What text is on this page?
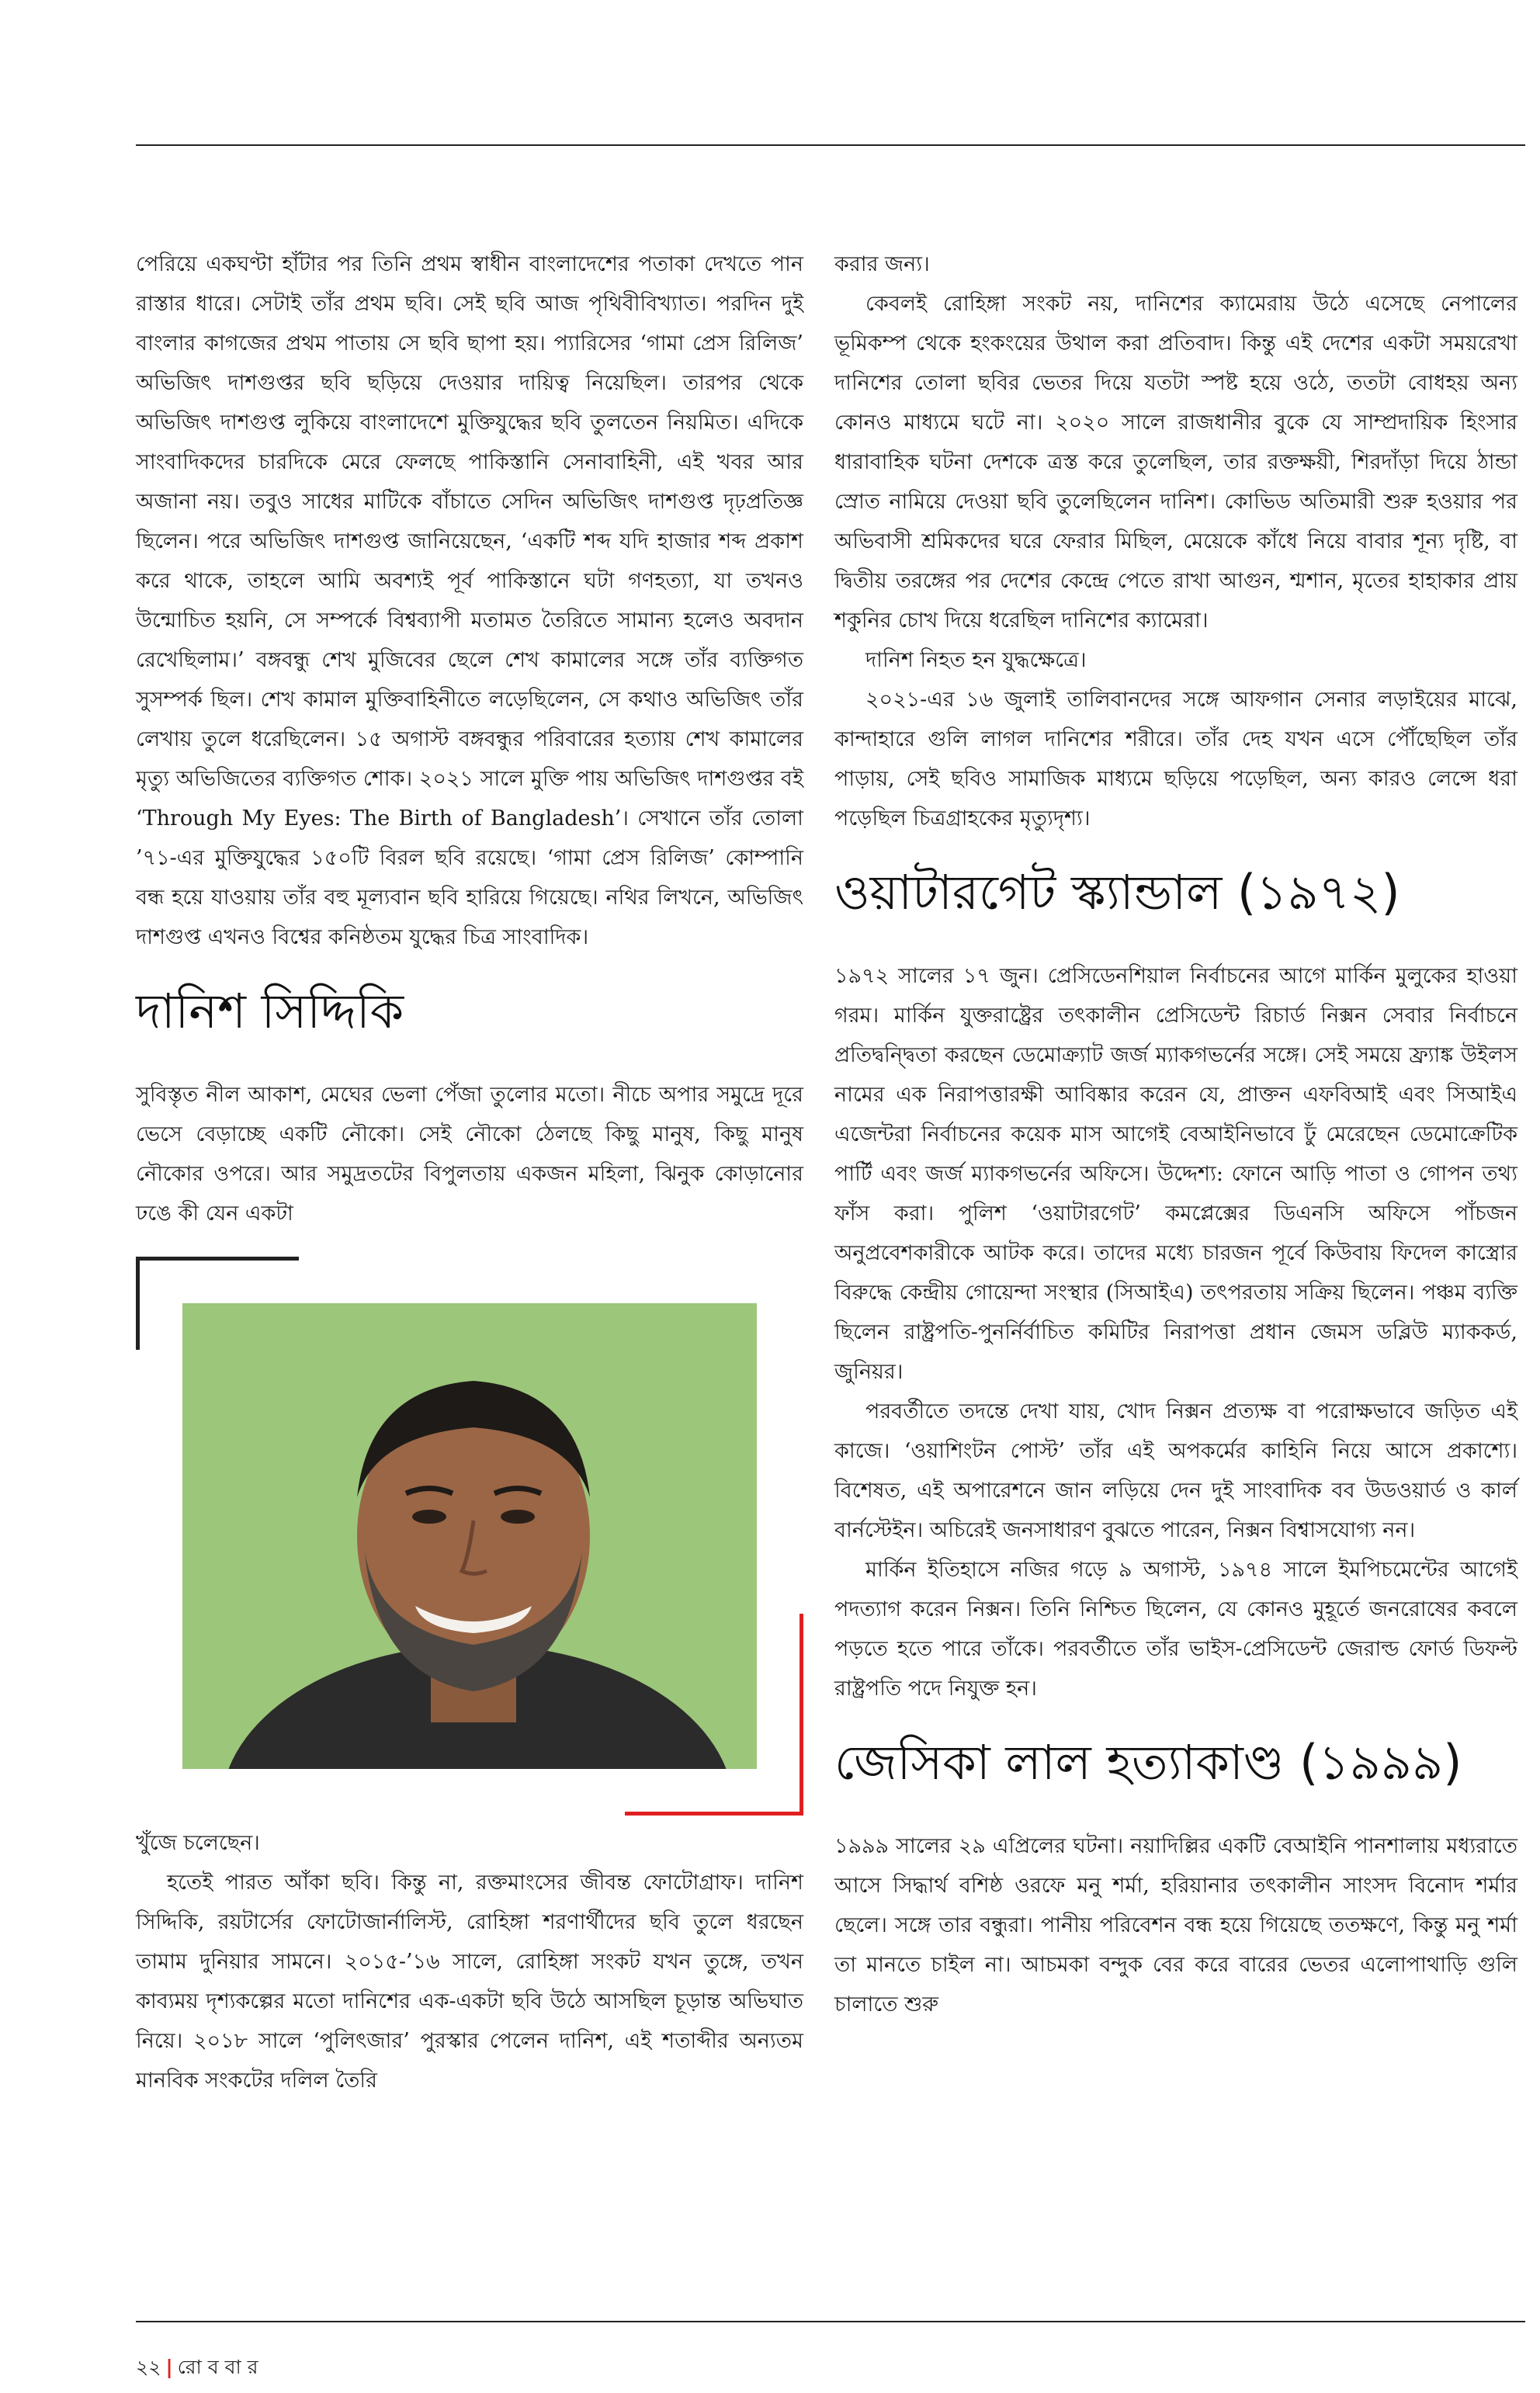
পেরিয়ে একঘণ্টা হাঁটার পর তিনি প্রথম স্বাধীন বাংলাদেশের পতাকা দেখতে পান রাস্তার ধারে। সেটাই তাঁর প্রথম ছবি। সেই ছবি আজ পৃথিবীবিখ্যাত। পরদিন দুই বাংলার কাগজের প্রথম পাতায় সে ছবি ছাপা হয়। প্যারিসের ‘গামা প্রেস রিলিজ’ অভিজিৎ দাশগুপ্তর ছবি ছড়িয়ে দেওয়ার দায়িত্ব নিয়েছিল। তারপর থেকে অভিজিৎ দাশগুপ্ত লুকিয়ে বাংলাদেশে মুক্তিযুদ্ধের ছবি তুলতেন নিয়মিত। এদিকে সাংবাদিকদের চারদিকে মেরে ফেলছে পাকিস্তানি সেনাবাহিনী, এই খবর আর অজানা নয়। তবুও সাধের মাটিকে বাঁচাতে সেদিন অভিজিৎ দাশগুপ্ত দৃঢ়প্রতিজ্ঞ ছিলেন। পরে অভিজিৎ দাশগুপ্ত জানিয়েছেন, ‘একটি শব্দ যদি হাজার শব্দ প্রকাশ করে থাকে, তাহলে আমি অবশ্যই পূর্ব পাকিস্তানে ঘটা গণহত্যা, যা তখনও উন্মোচিত হয়নি, সে সম্পর্কে বিশ্বব্যাপী মতামত তৈরিতে সামান্য হলেও অবদান রেখেছিলাম।’ বঙ্গবন্ধু শেখ মুজিবের ছেলে শেখ কামালের সঙ্গে তাঁর ব্যক্তিগত সুসম্পর্ক ছিল। শেখ কামাল মুক্তিবাহিনীতে লড়েছিলেন, সে কথাও অভিজিৎ তাঁর লেখায় তুলে ধরেছিলেন। ১৫ অগাস্ট বঙ্গবন্ধুর পরিবারের হত্যায় শেখ কামালের মৃত্যু অভিজিতের ব্যক্তিগত শোক। ২০২১ সালে মুক্তি পায় অভিজিৎ দাশগুপ্তর বই ‘Through My Eyes: The Birth of Bangladesh’। সেখানে তাঁর তোলা ’৭১-এর মুক্তিযুদ্ধের ১৫০টি বিরল ছবি রয়েছে। ‘গামা প্রেস রিলিজ’ কোম্পানি বন্ধ হয়ে যাওয়ায় তাঁর বহু মূল্যবান ছবি হারিয়ে গিয়েছে। নথির লিখনে, অভিজিৎ দাশগুপ্ত এখনও বিশ্বের কনিষ্ঠতম যুদ্ধের চিত্র সাংবাদিক।

দানিশ সিদ্দিকি

সুবিস্তৃত নীল আকাশ, মেঘের ভেলা পেঁজা তুলোর মতো। নীচে অপার সমুদ্রে দূরে ভেসে বেড়াচ্ছে একটি নৌকো। সেই নৌকো ঠেলছে কিছু মানুষ, কিছু মানুষ নৌকোর ওপরে। আর সমুদ্রতটের বিপুলতায় একজন মহিলা, ঝিনুক কোড়ানোর ঢঙে কী যেন একটা

খুঁজে চলেছেন।

হতেই পারত আঁকা ছবি। কিন্তু না, রক্তমাংসের জীবন্ত ফোটোগ্রাফ। দানিশ সিদ্দিকি, রয়টার্সের ফোটোজার্নালিস্ট, রোহিঙ্গা শরণার্থীদের ছবি তুলে ধরছেন তামাম দুনিয়ার সামনে। ২০১৫-’১৬ সালে, রোহিঙ্গা সংকট যখন তুঙ্গে, তখন কাব্যময় দৃশ্যকল্পের মতো দানিশের এক-একটা ছবি উঠে আসছিল চূড়ান্ত অভিঘাত নিয়ে। ২০১৮ সালে ‘পুলিৎজার’ পুরস্কার পেলেন দানিশ, এই শতাব্দীর অন্যতম মানবিক সংকটের দলিল তৈরি

করার জন্য।

কেবলই রোহিঙ্গা সংকট নয়, দানিশের ক্যামেরায় উঠে এসেছে নেপালের ভূমিকম্প থেকে হংকংয়ের উথাল করা প্রতিবাদ। কিন্তু এই দেশের একটা সময়রেখা দানিশের তোলা ছবির ভেতর দিয়ে যতটা স্পষ্ট হয়ে ওঠে, ততটা বোধহয় অন্য কোনও মাধ্যমে ঘটে না। ২০২০ সালে রাজধানীর বুকে যে সাম্প্রদায়িক হিংসার ধারাবাহিক ঘটনা দেশকে ত্রস্ত করে তুলেছিল, তার রক্তক্ষয়ী, শিরদাঁড়া দিয়ে ঠান্ডা স্রোত নামিয়ে দেওয়া ছবি তুলেছিলেন দানিশ। কোভিড অতিমারী শুরু হওয়ার পর অভিবাসী শ্রমিকদের ঘরে ফেরার মিছিল, মেয়েকে কাঁধে নিয়ে বাবার শূন্য দৃষ্টি, বা দ্বিতীয় তরঙ্গের পর দেশের কেন্দ্রে পেতে রাখা আগুন, শ্মশান, মৃতের হাহাকার প্রায় শকুনির চোখ দিয়ে ধরেছিল দানিশের ক্যামেরা।

দানিশ নিহত হন যুদ্ধক্ষেত্রে।

২০২১-এর ১৬ জুলাই তালিবানদের সঙ্গে আফগান সেনার লড়াইয়ের মাঝে, কান্দাহারে গুলি লাগল দানিশের শরীরে। তাঁর দেহ যখন এসে পৌঁছেছিল তাঁর পাড়ায়, সেই ছবিও সামাজিক মাধ্যমে ছড়িয়ে পড়েছিল, অন্য কারও লেন্সে ধরা পড়েছিল চিত্রগ্রাহকের মৃত্যুদৃশ্য।

ওয়াটারগেট স্ক্যান্ডাল (১৯৭২)

১৯৭২ সালের ১৭ জুন। প্রেসিডেনশিয়াল নির্বাচনের আগে মার্কিন মুলুকের হাওয়া গরম। মার্কিন যুক্তরাষ্ট্রের তৎকালীন প্রেসিডেন্ট রিচার্ড নিক্সন সেবার নির্বাচনে প্রতিদ্বন্দ্বিতা করছেন ডেমোক্র্যাট জর্জ ম্যাকগভর্নের সঙ্গে। সেই সময়ে ফ্র্যাঙ্ক উইলস নামের এক নিরাপত্তারক্ষী আবিষ্কার করেন যে, প্রাক্তন এফবিআই এবং সিআইএ এজেন্টরা নির্বাচনের কয়েক মাস আগেই বেআইনিভাবে ঢুঁ মেরেছেন ডেমোক্রেটিক পার্টি এবং জর্জ ম্যাকগভর্নের অফিসে। উদ্দেশ্য: ফোনে আড়ি পাতা ও গোপন তথ্য ফাঁস করা। পুলিশ ‘ওয়াটারগেট’ কমপ্লেক্সের ডিএনসি অফিসে পাঁচজন অনুপ্রবেশকারীকে আটক করে। তাদের মধ্যে চারজন পূর্বে কিউবায় ফিদেল কাস্ত্রোর বিরুদ্ধে কেন্দ্রীয় গোয়েন্দা সংস্থার (সিআইএ) তৎপরতায় সক্রিয় ছিলেন। পঞ্চম ব্যক্তি ছিলেন রাষ্ট্রপতি-পুনর্নির্বাচিত কমিটির নিরাপত্তা প্রধান জেমস ডব্লিউ ম্যাককর্ড, জুনিয়র।

পরবর্তীতে তদন্তে দেখা যায়, খোদ নিক্সন প্রত্যক্ষ বা পরোক্ষভাবে জড়িত এই কাজে। ‘ওয়াশিংটন পোস্ট’ তাঁর এই অপকর্মের কাহিনি নিয়ে আসে প্রকাশ্যে। বিশেষত, এই অপারেশনে জান লড়িয়ে দেন দুই সাংবাদিক বব উডওয়ার্ড ও কার্ল বার্নস্টেইন। অচিরেই জনসাধারণ বুঝতে পারেন, নিক্সন বিশ্বাসযোগ্য নন।

মার্কিন ইতিহাসে নজির গড়ে ৯ অগাস্ট, ১৯৭৪ সালে ইমপিচমেন্টের আগেই পদত্যাগ করেন নিক্সন। তিনি নিশ্চিত ছিলেন, যে কোনও মুহূর্তে জনরোষের কবলে পড়তে হতে পারে তাঁকে। পরবর্তীতে তাঁর ভাইস-প্রেসিডেন্ট জেরাল্ড ফোর্ড ডিফল্ট রাষ্ট্রপতি পদে নিযুক্ত হন।

জেসিকা লাল হত্যাকাণ্ড (১৯৯৯)

১৯৯৯ সালের ২৯ এপ্রিলের ঘটনা। নয়াদিল্লির একটি বেআইনি পানশালায় মধ্যরাতে আসে সিদ্ধার্থ বশিষ্ঠ ওরফে মনু শর্মা, হরিয়ানার তৎকালীন সাংসদ বিনোদ শর্মার ছেলে। সঙ্গে তার বন্ধুরা। পানীয় পরিবেশন বন্ধ হয়ে গিয়েছে ততক্ষণে, কিন্তু মনু শর্মা তা মানতে চাইল না। আচমকা বন্দুক বের করে বারের ভেতর এলোপাথাড়ি গুলি চালাতে শুরু

২২ | রো ব বা র
